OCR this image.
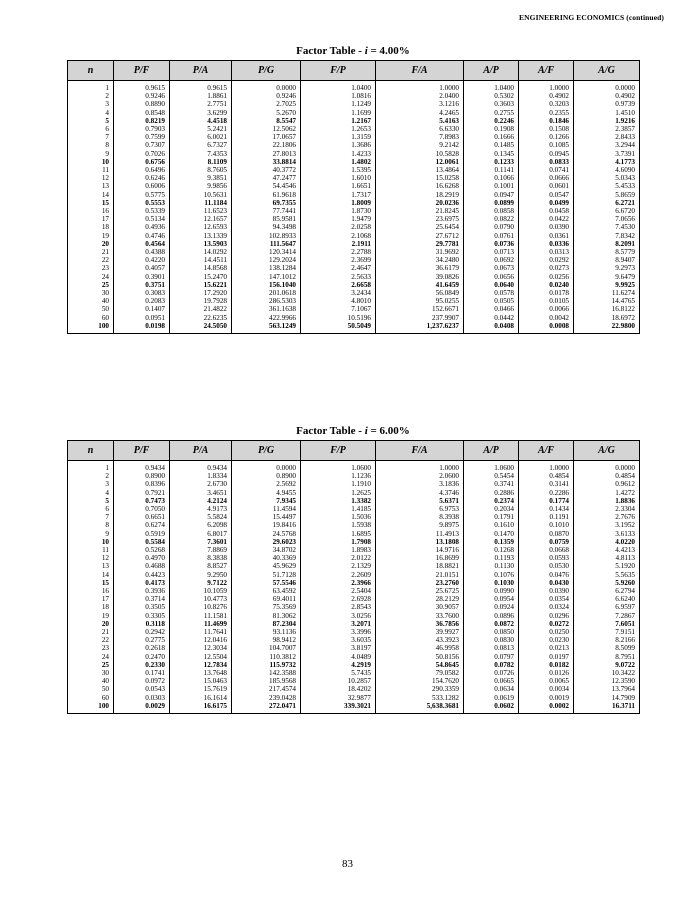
ENGINEERING ECONOMICS (continued)
Factor Table - i = 4.00%
n	P/F	P/A	P/G	F/P	F/A	A/P	A/F	A/G
1	0.9615	0.9615	0.0000	1.0400	1.0000	1.0400	1.0000	0.0000
2	0.9246	1.8861	0.9246	1.0816	2.0400	0.5302	0.4902	0.4902
3	0.8890	2.7751	2.7025	1.1249	3.1216	0.3603	0.3203	0.9739
4	0.8548	3.6299	5.2670	1.1699	4.2465	0.2755	0.2355	1.4510
5	0.8219	4.4518	8.5547	1.2167	5.4163	0.2246	0.1846	1.9216
6	0.7903	5.2421	12.5062	1.2653	6.6330	0.1908	0.1508	2.3857
7	0.7599	6.0021	17.0657	1.3159	7.8983	0.1666	0.1266	2.8433
8	0.7307	6.7327	22.1806	1.3686	9.2142	0.1485	0.1085	3.2944
9	0.7026	7.4353	27.8013	1.4233	10.5828	0.1345	0.0945	3.7391
10	0.6756	8.1109	33.8814	1.4802	12.0061	0.1233	0.0833	4.1773
11	0.6496	8.7605	40.3772	1.5395	13.4864	0.1141	0.0741	4.6090
12	0.6246	9.3851	47.2477	1.6010	15.0258	0.1066	0.0666	5.0343
13	0.6006	9.9856	54.4546	1.6651	16.6268	0.1001	0.0601	5.4533
14	0.5775	10.5631	61.9618	1.7317	18.2919	0.0947	0.0547	5.8659
15	0.5553	11.1184	69.7355	1.8009	20.0236	0.0899	0.0499	6.2721
16	0.5339	11.6523	77.7441	1.8730	21.8245	0.0858	0.0458	6.6720
17	0.5134	12.1657	85.9581	1.9479	23.6975	0.0822	0.0422	7.0656
18	0.4936	12.6593	94.3498	2.0258	25.6454	0.0790	0.0390	7.4530
19	0.4746	13.1339	102.8933	2.1068	27.6712	0.0761	0.0361	7.8342
20	0.4564	13.5903	111.5647	2.1911	29.7781	0.0736	0.0336	8.2091
21	0.4388	14.0292	120.3414	2.2788	31.9692	0.0713	0.0313	8.5779
22	0.4220	14.4511	129.2024	2.3699	34.2480	0.0692	0.0292	8.9407
23	0.4057	14.8568	138.1284	2.4647	36.6179	0.0673	0.0273	9.2973
24	0.3901	15.2470	147.1012	2.5633	39.0826	0.0656	0.0256	9.6479
25	0.3751	15.6221	156.1040	2.6658	41.6459	0.0640	0.0240	9.9925
30	0.3083	17.2920	201.0618	3.2434	56.0849	0.0578	0.0178	11.6274
40	0.2083	19.7928	286.5303	4.8010	95.0255	0.0505	0.0105	14.4765
50	0.1407	21.4822	361.1638	7.1067	152.6671	0.0466	0.0066	16.8122
60	0.0951	22.6235	422.9966	10.5196	237.9907	0.0442	0.0042	18.6972
100	0.0198	24.5050	563.1249	50.5049	1,237.6237	0.0408	0.0008	22.9800
Factor Table - i = 6.00%
n	P/F	P/A	P/G	F/P	F/A	A/P	A/F	A/G
1	0.9434	0.9434	0.0000	1.0600	1.0000	1.0600	1.0000	0.0000
2	0.8900	1.8334	0.8900	1.1236	2.0600	0.5454	0.4854	0.4854
3	0.8396	2.6730	2.5692	1.1910	3.1836	0.3741	0.3141	0.9612
4	0.7921	3.4651	4.9455	1.2625	4.3746	0.2886	0.2286	1.4272
5	0.7473	4.2124	7.9345	1.3382	5.6371	0.2374	0.1774	1.8836
6	0.7050	4.9173	11.4594	1.4185	6.9753	0.2034	0.1434	2.3304
7	0.6651	5.5824	15.4497	1.5036	8.3938	0.1791	0.1191	2.7676
8	0.6274	6.2098	19.8416	1.5938	9.8975	0.1610	0.1010	3.1952
9	0.5919	6.8017	24.5768	1.6895	11.4913	0.1470	0.0870	3.6133
10	0.5584	7.3601	29.6023	1.7908	13.1808	0.1359	0.0759	4.0220
11	0.5268	7.8869	34.8702	1.8983	14.9716	0.1268	0.0668	4.4213
12	0.4970	8.3838	40.3369	2.0122	16.8699	0.1193	0.0593	4.8113
13	0.4688	8.8527	45.9629	2.1329	18.8821	0.1130	0.0530	5.1920
14	0.4423	9.2950	51.7128	2.2609	21.0151	0.1076	0.0476	5.5635
15	0.4173	9.7122	57.5546	2.3966	23.2760	0.1030	0.0430	5.9260
16	0.3936	10.1059	63.4592	2.5404	25.6725	0.0990	0.0390	6.2794
17	0.3714	10.4773	69.4011	2.6928	28.2129	0.0954	0.0354	6.6240
18	0.3505	10.8276	75.3569	2.8543	30.9057	0.0924	0.0324	6.9597
19	0.3305	11.1581	81.3062	3.0256	33.7600	0.0896	0.0296	7.2867
20	0.3118	11.4699	87.2304	3.2071	36.7856	0.0872	0.0272	7.6051
21	0.2942	11.7641	93.1136	3.3996	39.9927	0.0850	0.0250	7.9151
22	0.2775	12.0416	98.9412	3.6035	43.3923	0.0830	0.0230	8.2166
23	0.2618	12.3034	104.7007	3.8197	46.9958	0.0813	0.0213	8.5099
24	0.2470	12.5504	110.3812	4.0489	50.8156	0.0797	0.0197	8.7951
25	0.2330	12.7834	115.9732	4.2919	54.8645	0.0782	0.0182	9.0722
30	0.1741	13.7648	142.3588	5.7435	79.0582	0.0726	0.0126	10.3422
40	0.0972	15.0463	185.9568	10.2857	154.7620	0.0665	0.0065	12.3590
50	0.0543	15.7619	217.4574	18.4202	290.3359	0.0634	0.0034	13.7964
60	0.0303	16.1614	239.0428	32.9877	533.1282	0.0619	0.0019	14.7909
100	0.0029	16.6175	272.0471	339.3021	5,638.3681	0.0602	0.0002	16.3711
83
